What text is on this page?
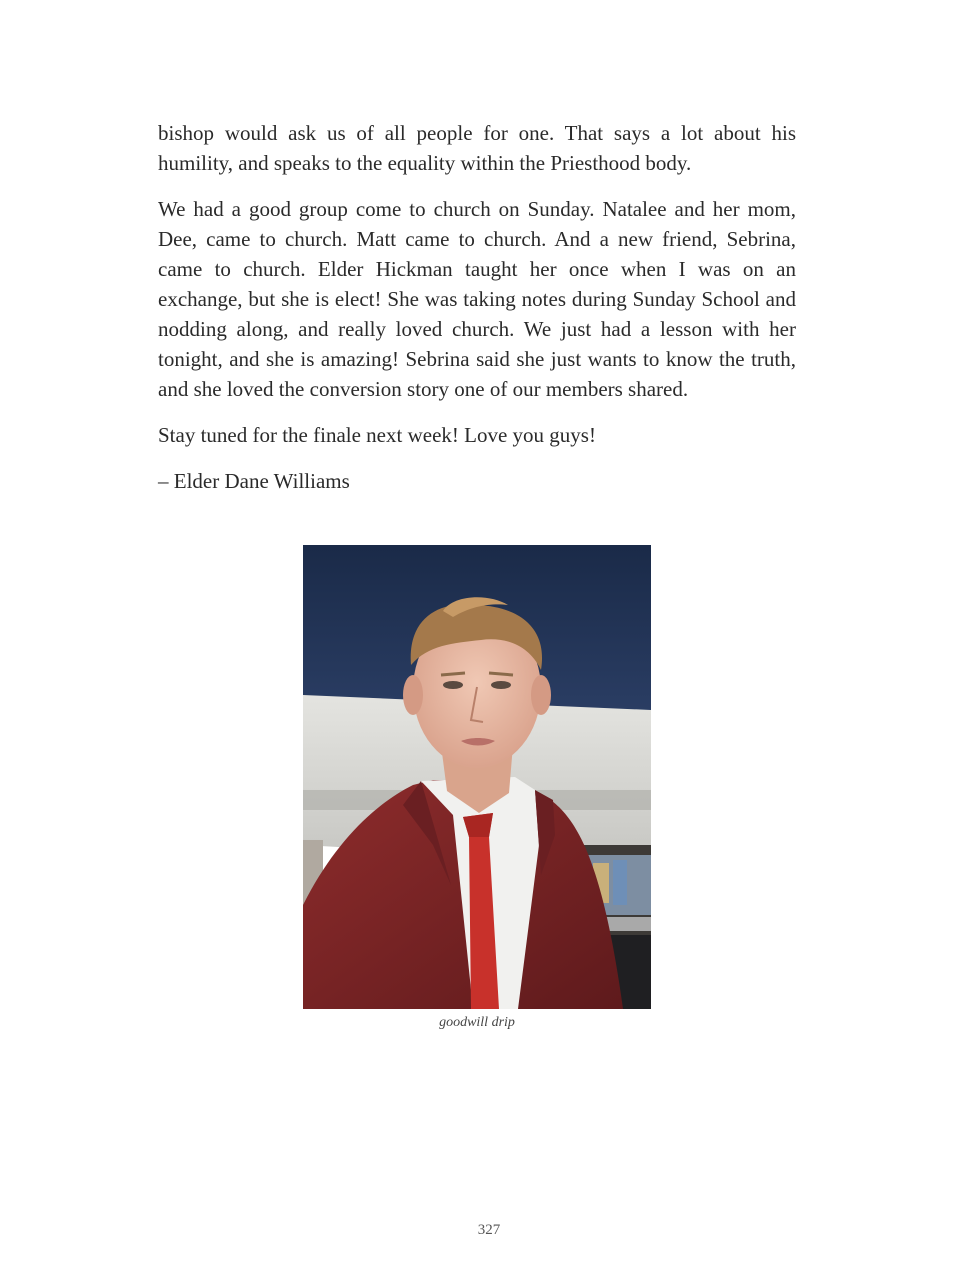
bishop would ask us of all people for one. That says a lot about his humility, and speaks to the equality within the Priesthood body.

We had a good group come to church on Sunday. Natalee and her mom, Dee, came to church. Matt came to church. And a new friend, Sebrina, came to church. Elder Hickman taught her once when I was on an exchange, but she is elect! She was taking notes during Sunday School and nodding along, and really loved church. We just had a lesson with her tonight, and she is amazing! Sebrina said she just wants to know the truth, and she loved the conversion story one of our members shared.

Stay tuned for the finale next week! Love you guys!

– Elder Dane Williams

goodwill drip
327
